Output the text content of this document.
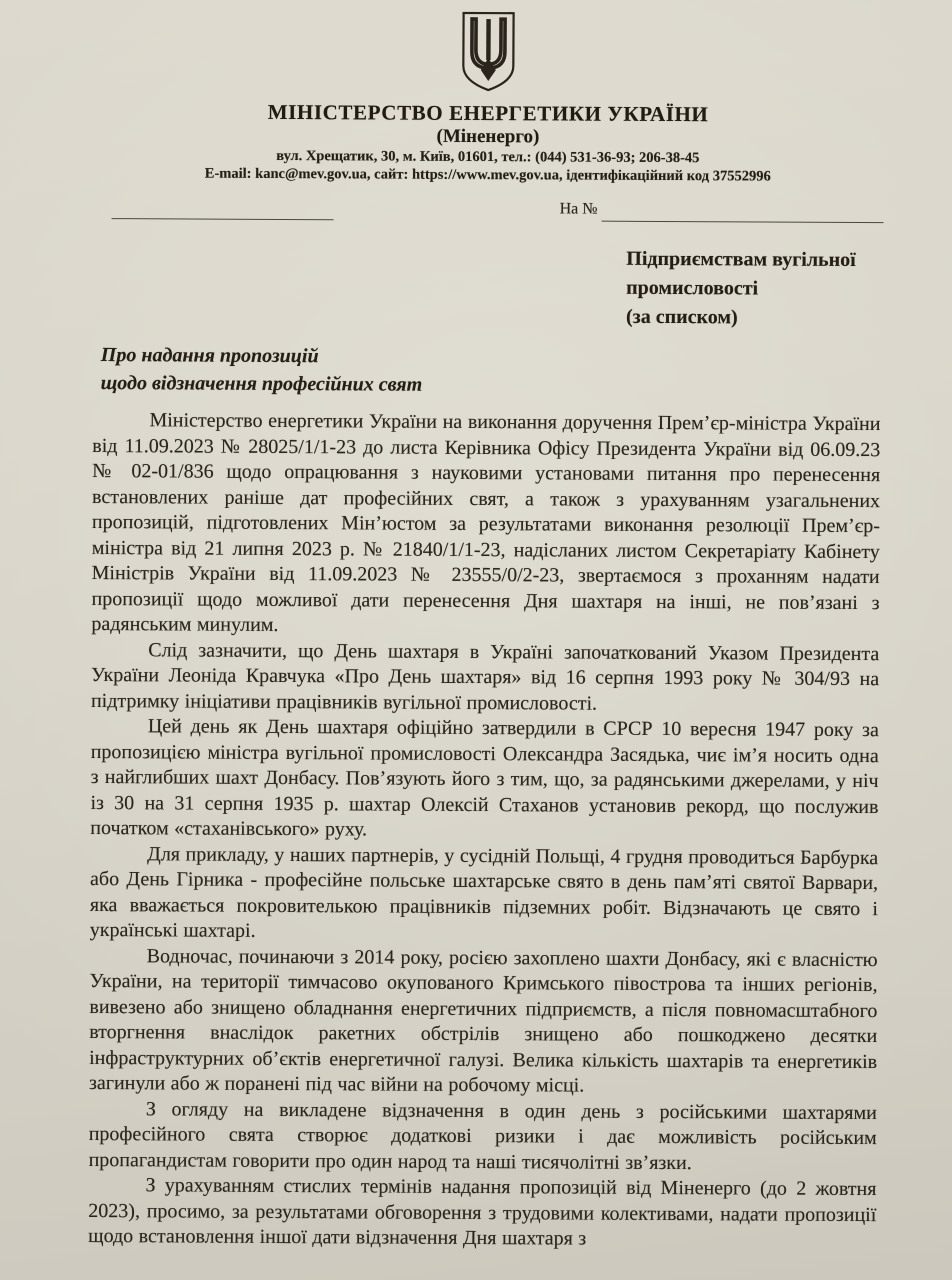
МІНІСТЕРСТВО ЕНЕРГЕТИКИ УКРАЇНИ
(Міненерго)
вул. Хрещатик, 30, м. Київ, 01601, тел.: (044) 531-36-93; 206-38-45
E-mail: kanc@mev.gov.ua, сайт: https://www.mev.gov.ua, ідентифікаційний код 37552996
На №
Підприємствам вугільної
промисловості
(за списком)
Про надання пропозицій
щодо відзначення професійних свят

Міністерство енергетики України на виконання доручення Прем’єр-міністра України від 11.09.2023 № 28025/1/1-23 до листа Керівника Офісу Президента України від 06.09.23 № 02-01/836 щодо опрацювання з науковими установами питання про перенесення встановлених раніше дат професійних свят, а також з урахуванням узагальнених пропозицій, підготовлених Мін’юстом за результатами виконання резолюції Прем’єр-міністра від 21 липня 2023 р. № 21840/1/1-23, надісланих листом Секретаріату Кабінету Міністрів України від 11.09.2023 № 23555/0/2-23, звертаємося з проханням надати пропозиції щодо можливої дати перенесення Дня шахтаря на інші, не пов’язані з радянським минулим.

Слід зазначити, що День шахтаря в Україні започаткований Указом Президента України Леоніда Кравчука «Про День шахтаря» від 16 серпня 1993 року № 304/93 на підтримку ініціативи працівників вугільної промисловості.

Цей день як День шахтаря офіційно затвердили в СРСР 10 вересня 1947 року за пропозицією міністра вугільної промисловості Олександра Засядька, чиє ім’я носить одна з найглибших шахт Донбасу. Пов’язують його з тим, що, за радянськими джерелами, у ніч із 30 на 31 серпня 1935 р. шахтар Олексій Стаханов установив рекорд, що послужив початком «стаханівського» руху.

Для прикладу, у наших партнерів, у сусідній Польщі, 4 грудня проводиться Барбурка або День Гірника - професійне польське шахтарське свято в день пам’яті святої Варвари, яка вважається покровителькою працівників підземних робіт. Відзначають це свято і українські шахтарі.

Водночас, починаючи з 2014 року, росією захоплено шахти Донбасу, які є власністю України, на території тимчасово окупованого Кримського півострова та інших регіонів, вивезено або знищено обладнання енергетичних підприємств, а після повномасштабного вторгнення внаслідок ракетних обстрілів знищено або пошкоджено десятки інфраструктурних об’єктів енергетичної галузі. Велика кількість шахтарів та енергетиків загинули або ж поранені під час війни на робочому місці.

З огляду на викладене відзначення в один день з російськими шахтарями професійного свята створює додаткові ризики і дає можливість російським пропагандистам говорити про один народ та наші тисячолітні зв’язки.

З урахуванням стислих термінів надання пропозицій від Міненерго (до 2 жовтня 2023), просимо, за результатами обговорення з трудовими колективами, надати пропозиції щодо встановлення іншої дати відзначення Дня шахтаря з
